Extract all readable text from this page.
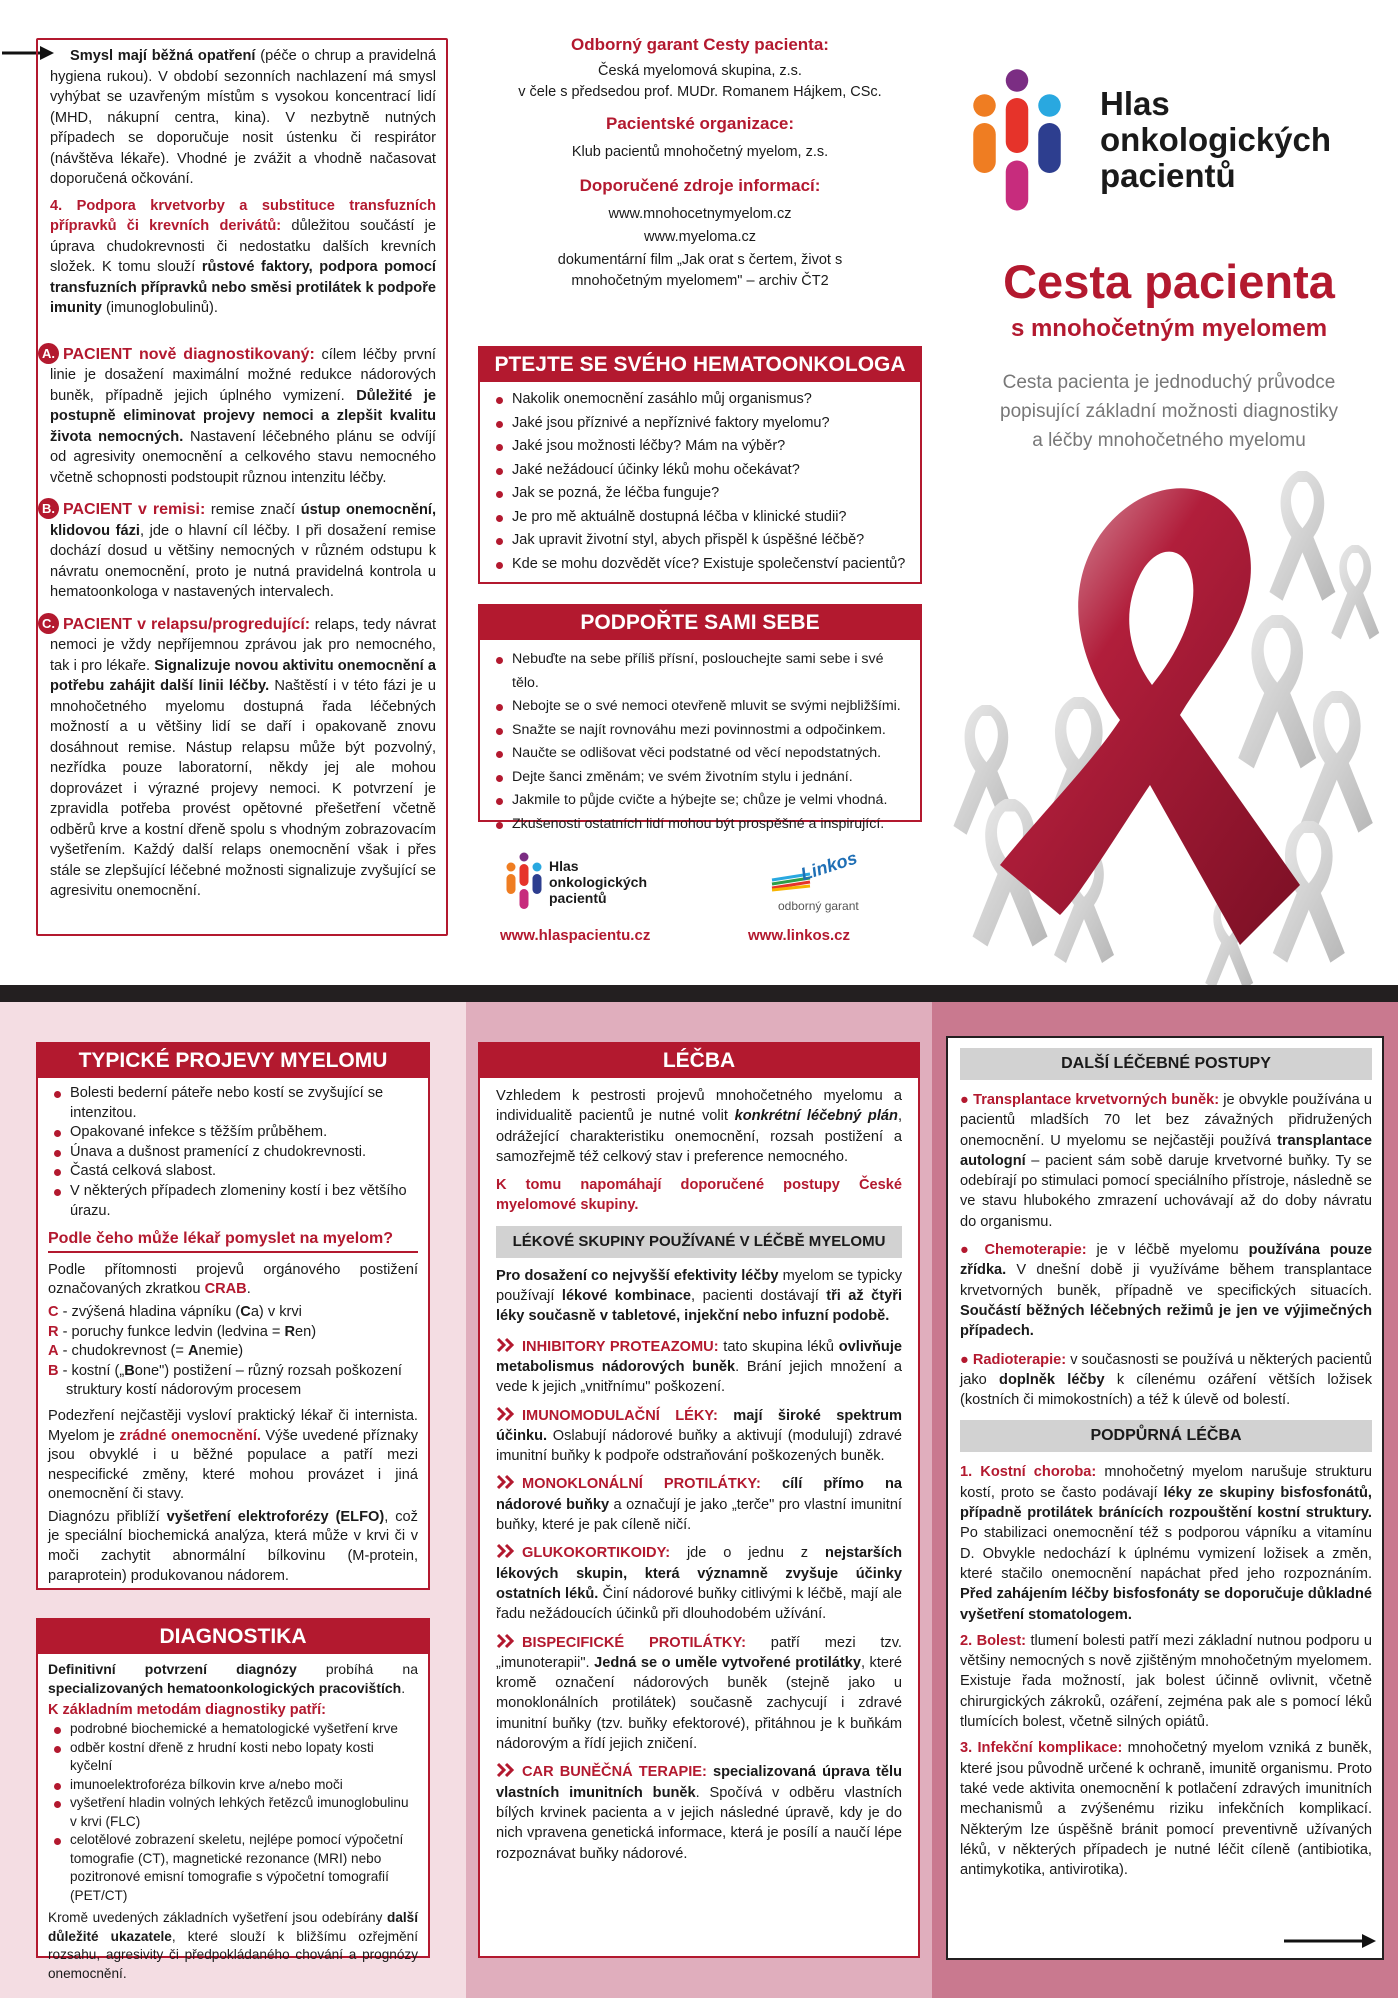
Smysl mají běžná opatření (péče o chrup a pravidelná hygiena rukou). V období sezonních nachlazení má smysl vyhýbat se uzavřeným místům s vysokou koncentrací lidí (MHD, nákupní centra, kina). V nezbytně nutných případech se doporučuje nosit ústenku či respirátor (návštěva lékaře). Vhodné je zvážit a vhodně načasovat doporučená očkování.

4. Podpora krvetvorby a substituce transfuzních přípravků či krevních derivátů: důležitou součástí je úprava chudokrevnosti či nedostatku dalších krevních složek. K tomu slouží růstové faktory, podpora pomocí transfuzních přípravků nebo směsi protilátek k podpoře imunity (imunoglobulinů).

A. PACIENT nově diagnostikovaný: cílem léčby první linie je dosažení maximální možné redukce nádorových buněk, případně jejich úplného vymizení. Důležité je postupně eliminovat projevy nemoci a zlepšit kvalitu života nemocných. Nastavení léčebného plánu se odvíjí od agresivity onemocnění a celkového stavu nemocného včetně schopnosti podstoupit různou intenzitu léčby.

B. PACIENT v remisi: remise značí ústup onemocnění, klidovou fázi, jde o hlavní cíl léčby. I při dosažení remise dochází dosud u většiny nemocných v různém odstupu k návratu onemocnění, proto je nutná pravidelná kontrola u hematoonkologa v nastavených intervalech.

C. PACIENT v relapsu/progredující: relaps, tedy návrat nemoci je vždy nepříjemnou zprávou jak pro nemocného, tak i pro lékaře. Signalizuje novou aktivitu onemocnění a potřebu zahájit další linii léčby. Naštěstí i v této fázi je u mnohočetného myelomu dostupná řada léčebných možností a u většiny lidí se daří i opakovaně znovu dosáhnout remise. Nástup relapsu může být pozvolný, nezřídka pouze laboratorní, někdy jej ale mohou doprovázet i výrazné projevy nemoci. K potvrzení je zpravidla potřeba provést opětovné přešetření včetně odběrů krve a kostní dřeně spolu s vhodným zobrazovacím vyšetřením. Každý další relaps onemocnění však i přes stále se zlepšující léčebné možnosti signalizuje zvyšující se agresivitu onemocnění.

Odborný garant Cesty pacienta:
Česká myelomová skupina, z.s.
v čele s předsedou prof. MUDr. Romanem Hájkem, CSc.
Pacientské organizace:
Klub pacientů mnohočetný myelom, z.s.
Doporučené zdroje informací:
www.mnohocetnymyelom.cz
www.myeloma.cz
dokumentární film „Jak orat s čertem, život s mnohočetným myelomem" – archiv ČT2
PTEJTE SE SVÉHO HEMATOONKOLOGA
Nakolik onemocnění zasáhlo můj organismus?
Jaké jsou příznivé a nepříznivé faktory myelomu?
Jaké jsou možnosti léčby? Mám na výběr?
Jaké nežádoucí účinky léků mohu očekávat?
Jak se pozná, že léčba funguje?
Je pro mě aktuálně dostupná léčba v klinické studii?
Jak upravit životní styl, abych přispěl k úspěšné léčbě?
Kde se mohu dozvědět více? Existuje společenství pacientů?
PODPOŘTE SAMI SEBE
Nebuďte na sebe příliš přísní, poslouchejte sami sebe i své tělo.
Nebojte se o své nemoci otevřeně mluvit se svými nejbližšími.
Snažte se najít rovnováhu mezi povinnostmi a odpočinkem.
Naučte se odlišovat věci podstatné od věcí nepodstatných.
Dejte šanci změnám; ve svém životním stylu i jednání.
Jakmile to půjde cvičte a hýbejte se; chůze je velmi vhodná.
Zkušenosti ostatních lidí mohou být prospěšné a inspirující.
Hlas
onkologických
pacientů
Linkos
odborný garant
www.hlaspacientu.cz	www.linkos.cz
Hlas
onkologických
pacientů
Cesta pacienta
s mnohočetným myelomem
Cesta pacienta je jednoduchý průvodce
popisující základní možnosti diagnostiky
a léčby mnohočetného myelomu
TYPICKÉ PROJEVY MYELOMU
Bolesti bederní páteře nebo kostí se zvyšující se intenzitou.
Opakované infekce s těžším průběhem.
Únava a dušnost pramenící z chudokrevnosti.
Častá celková slabost.
V některých případech zlomeniny kostí i bez většího úrazu.
Podle čeho může lékař pomyslet na myelom?

Podle přítomnosti projevů orgánového postižení označovaných zkratkou CRAB.

C - zvýšená hladina vápníku (Ca) v krvi
R - poruchy funkce ledvin (ledvina = Ren)
A - chudokrevnost (= Anemie)
B - kostní („Bone") postižení – různý rozsah poškození struktury kostí nádorovým procesem

Podezření nejčastěji vysloví praktický lékař či internista. Myelom je zrádné onemocnění. Výše uvedené příznaky jsou obvyklé i u běžné populace a patří mezi nespecifické změny, které mohou provázet i jiná onemocnění či stavy.

Diagnózu přiblíží vyšetření elektroforézy (ELFO), což je speciální biochemická analýza, která může v krvi či v moči zachytit abnormální bílkovinu (M-protein, paraprotein) produkovanou nádorem.

DIAGNOSTIKA

Definitivní potvrzení diagnózy probíhá na specializovaných hematoonkologických pracovištích.

K základním metodám diagnostiky patří:
podrobné biochemické a hematologické vyšetření krve
odběr kostní dřeně z hrudní kosti nebo lopaty kosti kyčelní
imunoelektroforéza bílkovin krve a/nebo moči
vyšetření hladin volných lehkých řetězců imunoglobulinu v krvi (FLC)
celotělové zobrazení skeletu, nejlépe pomocí výpočetní tomografie (CT), magnetické rezonance (MRI) nebo pozitronové emisní tomografie s výpočetní tomografií (PET/CT)

Kromě uvedených základních vyšetření jsou odebírány další důležité ukazatele, které slouží k bližšímu ozřejmění rozsahu, agresivity či předpokládaného chování a prognózy onemocnění.

LÉČBA

Vzhledem k pestrosti projevů mnohočetného myelomu a individualitě pacientů je nutné volit konkrétní léčebný plán, odrážející charakteristiku onemocnění, rozsah postižení a samozřejmě též celkový stav i preference nemocného.

K tomu napomáhají doporučené postupy České myelomové skupiny.

LÉKOVÉ SKUPINY POUŽÍVANÉ V LÉČBĚ MYELOMU

Pro dosažení co nejvyšší efektivity léčby myelom se typicky používají lékové kombinace, pacienti dostávají tři až čtyři léky současně v tabletové, injekční nebo infuzní podobě.

INHIBITORY PROTEAZOMU: tato skupina léků ovlivňuje metabolismus nádorových buněk. Brání jejich množení a vede k jejich „vnitřnímu" poškození.

IMUNOMODULAČNÍ LÉKY: mají široké spektrum účinku. Oslabují nádorové buňky a aktivují (modulují) zdravé imunitní buňky k podpoře odstraňování poškozených buněk.

MONOKLONÁLNÍ PROTILÁTKY: cílí přímo na nádorové buňky a označují je jako „terče" pro vlastní imunitní buňky, které je pak cíleně ničí.

GLUKOKORTIKOIDY: jde o jednu z nejstarších lékových skupin, která významně zvyšuje účinky ostatních léků. Činí nádorové buňky citlivými k léčbě, mají ale řadu nežádoucích účinků při dlouhodobém užívání.

BISPECIFICKÉ PROTILÁTKY: patří mezi tzv. „imunoterapii". Jedná se o uměle vytvořené protilátky, které kromě označení nádorových buněk (stejně jako u monoklonálních protilátek) současně zachycují i zdravé imunitní buňky (tzv. buňky efektorové), přitáhnou je k buňkám nádorovým a řídí jejich zničení.

CAR BUNĚČNÁ TERAPIE: specializovaná úprava tělu vlastních imunitních buněk. Spočívá v odběru vlastních bílých krvinek pacienta a v jejich následné úpravě, kdy je do nich vpravena genetická informace, která je posílí a naučí lépe rozpoznávat buňky nádorové.

DALŠÍ LÉČEBNÉ POSTUPY

● Transplantace krvetvorných buněk: je obvykle používána u pacientů mladších 70 let bez závažných přidružených onemocnění. U myelomu se nejčastěji používá transplantace autologní – pacient sám sobě daruje krvetvorné buňky. Ty se odebírají po stimulaci pomocí speciálního přístroje, následně se ve stavu hlubokého zmrazení uchovávají až do doby návratu do organismu.

● Chemoterapie: je v léčbě myelomu používána pouze zřídka. V dnešní době ji využíváme během transplantace krvetvorných buněk, případně ve specifických situacích. Součástí běžných léčebných režimů je jen ve výjimečných případech.

● Radioterapie: v současnosti se používá u některých pacientů jako doplněk léčby k cílenému ozáření větších ložisek (kostních či mimokostních) a též k úlevě od bolestí.

PODPŮRNÁ LÉČBA

1. Kostní choroba: mnohočetný myelom narušuje strukturu kostí, proto se často podávají léky ze skupiny bisfosfonátů, případně protilátek bránících rozpouštění kostní struktury. Po stabilizaci onemocnění též s podporou vápníku a vitamínu D. Obvykle nedochází k úplnému vymizení ložisek a změn, které stačilo onemocnění napáchat před jeho rozpoznáním. Před zahájením léčby bisfosfonáty se doporučuje důkladné vyšetření stomatologem.

2. Bolest: tlumení bolesti patří mezi základní nutnou podporu u většiny nemocných s nově zjištěným mnohočetným myelomem. Existuje řada možností, jak bolest účinně ovlivnit, včetně chirurgických zákroků, ozáření, zejména pak ale s pomocí léků tlumících bolest, včetně silných opiátů.

3. Infekční komplikace: mnohočetný myelom vzniká z buněk, které jsou původně určené k ochraně, imunitě organismu. Proto také vede aktivita onemocnění k potlačení zdravých imunitních mechanismů a zvýšenému riziku infekčních komplikací. Některým lze úspěšně bránit pomocí preventivně užívaných léků, v některých případech je nutné léčit cíleně (antibiotika, antimykotika, antivirotika).
